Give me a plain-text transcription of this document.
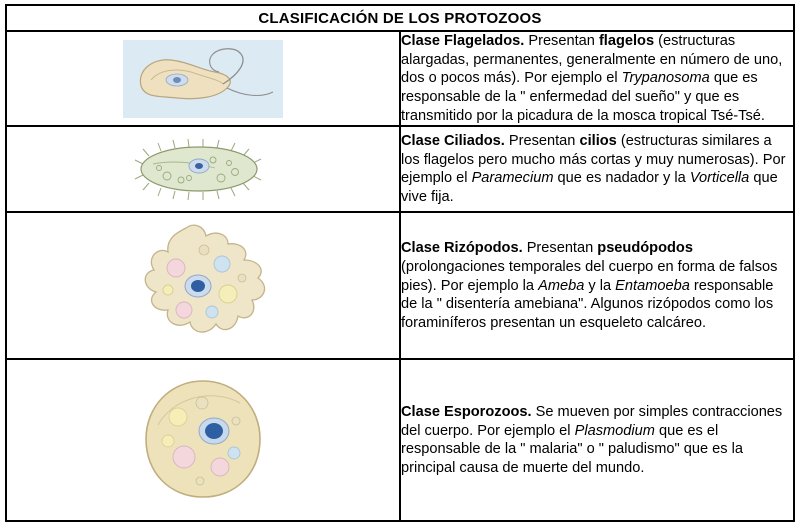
CLASIFICACIÓN DE LOS PROTOZOOS	

	Clase Flagelados. Presentan flagelos (estructuras alargadas, permanentes, generalmente en número de uno, dos o pocos más). Por ejemplo el Trypanosoma que es responsable de la " enfermedad del sueño" y que es transmitido por la picadura de la mosca tropical Tsé-Tsé.

	Clase Ciliados. Presentan cilios (estructuras similares a los flagelos pero mucho más cortas y muy numerosas). Por ejemplo el Paramecium que es nadador y la Vorticella que vive fija.

	Clase Rizópodos. Presentan pseudópodos (prolongaciones temporales del cuerpo en forma de falsos pies). Por ejemplo la Ameba y la Entamoeba responsable de la " disentería amebiana". Algunos rizópodos como los foraminíferos presentan un esqueleto calcáreo.

	Clase Esporozoos. Se mueven por simples contracciones del cuerpo. Por ejemplo el Plasmodium que es el responsable de la " malaria" o " paludismo" que es la principal causa de muerte del mundo.
